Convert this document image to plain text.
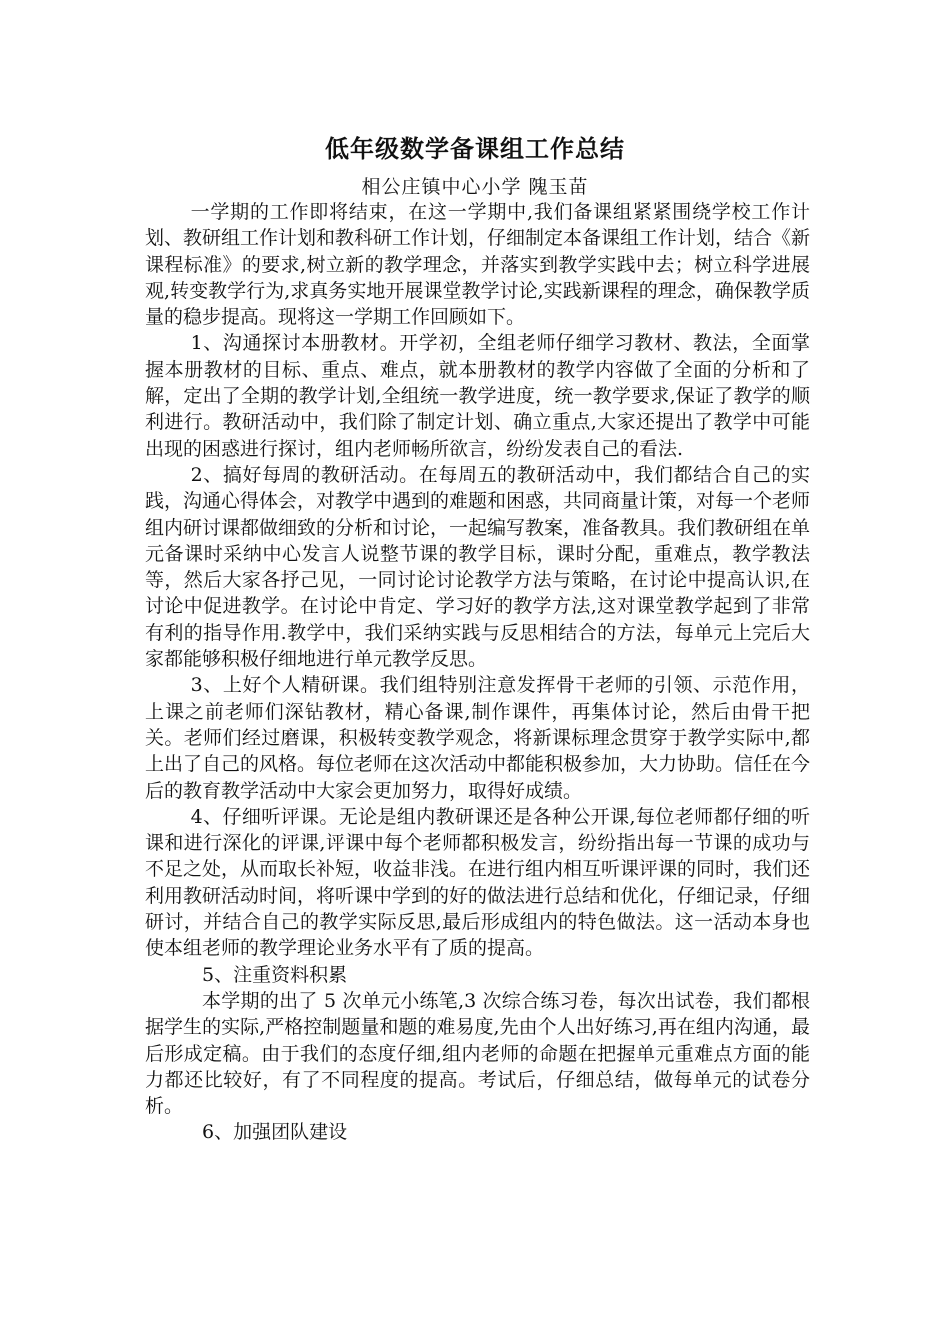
低年级数学备课组工作总结
相公庄镇中心小学 隗玉苗

一学期的工作即将结束，在这一学期中,我们备课组紧紧围绕学校工作计划、教研组工作计划和教科研工作计划，仔细制定本备课组工作计划，结合《新课程标准》的要求,树立新的教学理念，并落实到教学实践中去；树立科学进展观,转变教学行为,求真务实地开展课堂教学讨论,实践新课程的理念，确保教学质量的稳步提高。现将这一学期工作回顾如下。

1、沟通探讨本册教材。开学初，全组老师仔细学习教材、教法，全面掌握本册教材的目标、重点、难点，就本册教材的教学内容做了全面的分析和了解，定出了全期的教学计划,全组统一教学进度，统一教学要求,保证了教学的顺利进行。教研活动中，我们除了制定计划、确立重点,大家还提出了教学中可能出现的困惑进行探讨，组内老师畅所欲言，纷纷发表自己的看法.

2、搞好每周的教研活动。在每周五的教研活动中，我们都结合自己的实践，沟通心得体会，对教学中遇到的难题和困惑，共同商量计策，对每一个老师组内研讨课都做细致的分析和讨论，一起编写教案，准备教具。我们教研组在单元备课时采纳中心发言人说整节课的教学目标，课时分配，重难点，教学教法等，然后大家各抒己见，一同讨论讨论教学方法与策略，在讨论中提高认识,在讨论中促进教学。在讨论中肯定、学习好的教学方法,这对课堂教学起到了非常有利的指导作用.教学中，我们采纳实践与反思相结合的方法，每单元上完后大家都能够积极仔细地进行单元教学反思。

3、上好个人精研课。我们组特别注意发挥骨干老师的引领、示范作用，上课之前老师们深钻教材，精心备课,制作课件，再集体讨论，然后由骨干把关。老师们经过磨课，积极转变教学观念，将新课标理念贯穿于教学实际中,都上出了自己的风格。每位老师在这次活动中都能积极参加，大力协助。信任在今后的教育教学活动中大家会更加努力，取得好成绩。

4、仔细听评课。无论是组内教研课还是各种公开课,每位老师都仔细的听课和进行深化的评课,评课中每个老师都积极发言，纷纷指出每一节课的成功与不足之处，从而取长补短，收益非浅。在进行组内相互听课评课的同时，我们还利用教研活动时间，将听课中学到的好的做法进行总结和优化，仔细记录，仔细研讨，并结合自己的教学实际反思,最后形成组内的特色做法。这一活动本身也使本组老师的教学理论业务水平有了质的提高。

5、注重资料积累

本学期的出了 5 次单元小练笔,3 次综合练习卷，每次出试卷，我们都根据学生的实际,严格控制题量和题的难易度,先由个人出好练习,再在组内沟通，最后形成定稿。由于我们的态度仔细,组内老师的命题在把握单元重难点方面的能力都还比较好，有了不同程度的提高。考试后，仔细总结，做每单元的试卷分析。

6、加强团队建设
